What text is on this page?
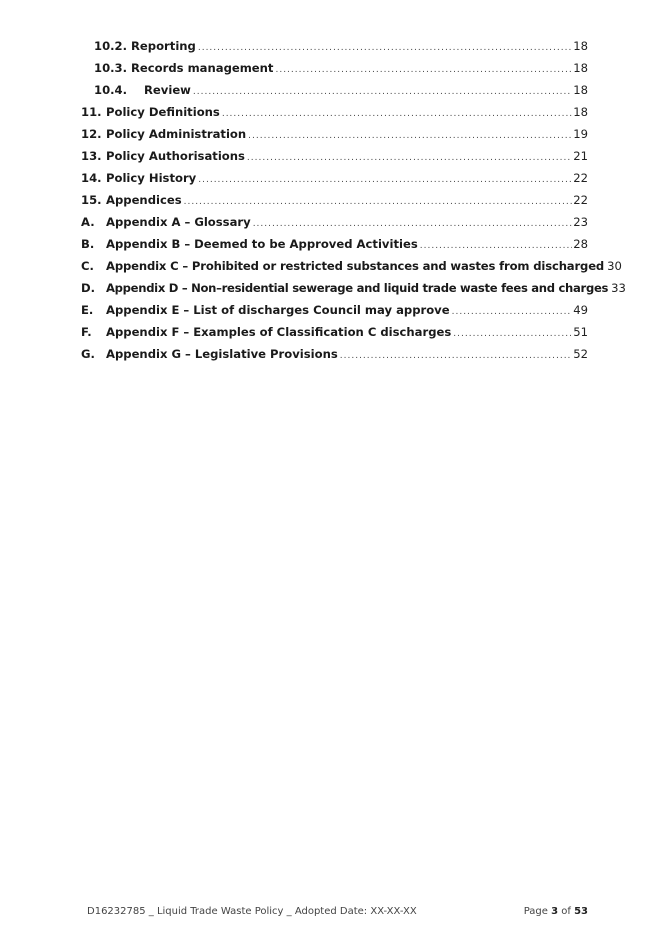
10.2. Reporting .....	18
10.3. Records management .....	18
10.4. Review .....	18
11. Policy Definitions .....	18
12. Policy Administration .....	19
13. Policy Authorisations .....	21
14. Policy History .....	22
15. Appendices .....	22
A. Appendix A – Glossary .....	23
B. Appendix B – Deemed to be Approved Activities .....	28
C. Appendix C – Prohibited or restricted substances and wastes from discharged 30
D. Appendix D – Non–residential sewerage and liquid trade waste fees and charges 33
E. Appendix E – List of discharges Council may approve .....	49
F. Appendix F – Examples of Classification C discharges .....	51
G. Appendix G – Legislative Provisions .....	52
D16232785 _ Liquid Trade Waste Policy _ Adopted Date: XX-XX-XX	Page 3 of 53
